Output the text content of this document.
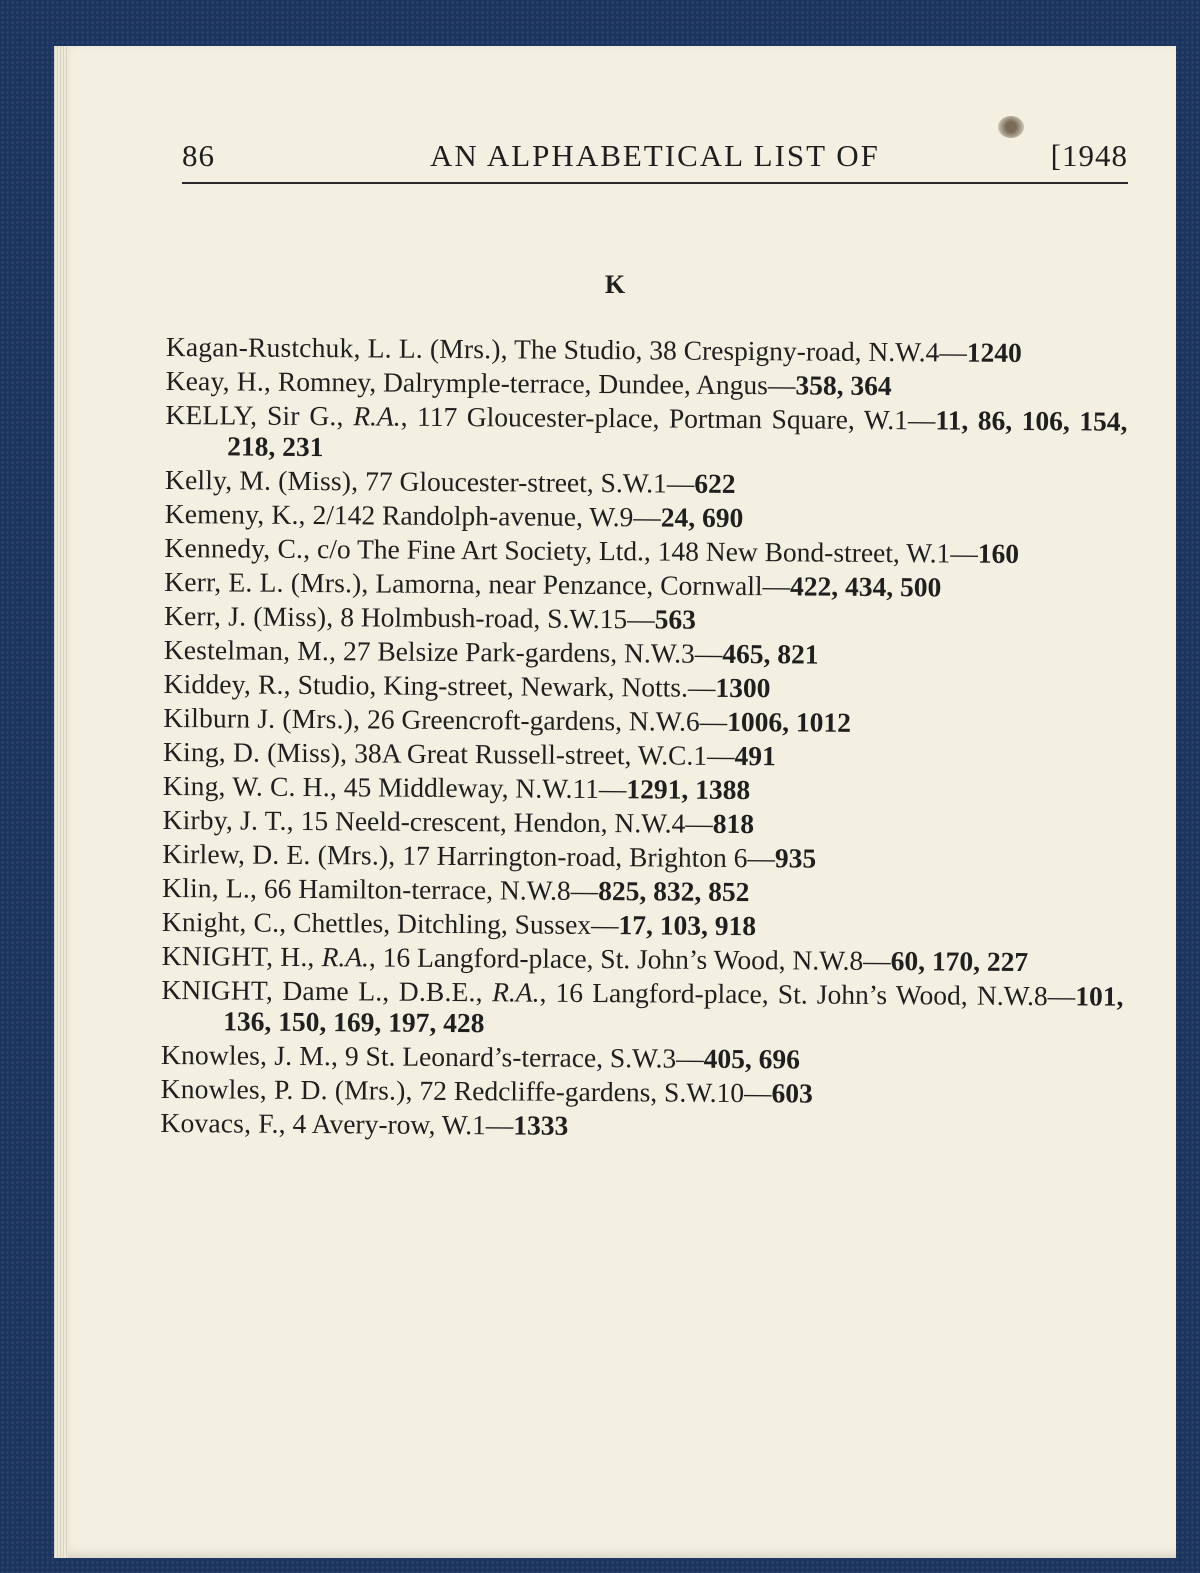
86	AN ALPHABETICAL LIST OF	[1948
K
Kagan-Rustchuk, L. L. (Mrs.), The Studio, 38 Crespigny-road, N.W.4—1240
Keay, H., Romney, Dalrymple-terrace, Dundee, Angus—358, 364
KELLY, Sir G., R.A., 117 Gloucester-place, Portman Square, W.1—11, 86, 106, 154, 218, 231
Kelly, M. (Miss), 77 Gloucester-street, S.W.1—622
Kemeny, K., 2/142 Randolph-avenue, W.9—24, 690
Kennedy, C., c/o The Fine Art Society, Ltd., 148 New Bond-street, W.1—160
Kerr, E. L. (Mrs.), Lamorna, near Penzance, Cornwall—422, 434, 500
Kerr, J. (Miss), 8 Holmbush-road, S.W.15—563
Kestelman, M., 27 Belsize Park-gardens, N.W.3—465, 821
Kiddey, R., Studio, King-street, Newark, Notts.—1300
Kilburn J. (Mrs.), 26 Greencroft-gardens, N.W.6—1006, 1012
King, D. (Miss), 38A Great Russell-street, W.C.1—491
King, W. C. H., 45 Middleway, N.W.11—1291, 1388
Kirby, J. T., 15 Neeld-crescent, Hendon, N.W.4—818
Kirlew, D. E. (Mrs.), 17 Harrington-road, Brighton 6—935
Klin, L., 66 Hamilton-terrace, N.W.8—825, 832, 852
Knight, C., Chettles, Ditchling, Sussex—17, 103, 918
KNIGHT, H., R.A., 16 Langford-place, St. John’s Wood, N.W.8—60, 170, 227
KNIGHT, Dame L., D.B.E., R.A., 16 Langford-place, St. John’s Wood, N.W.8—101, 136, 150, 169, 197, 428
Knowles, J. M., 9 St. Leonard’s-terrace, S.W.3—405, 696
Knowles, P. D. (Mrs.), 72 Redcliffe-gardens, S.W.10—603
Kovacs, F., 4 Avery-row, W.1—1333
